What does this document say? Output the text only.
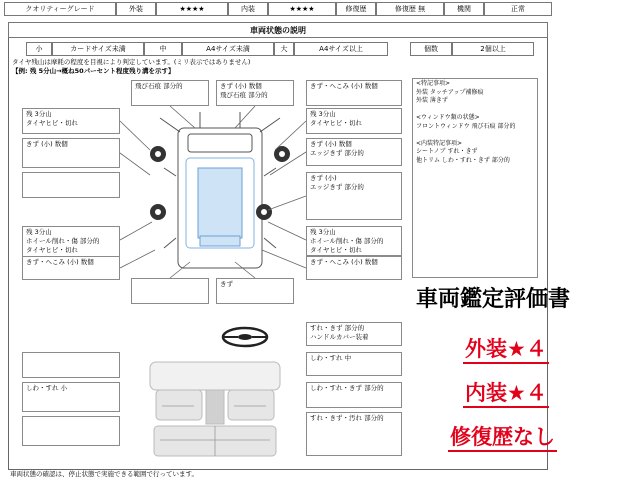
クオリティーグレード	外装	★★★★	内装	★★★★	修復歴	修復歴 無	機関	正常
車両状態の説明
小	カードサイズ未満	中	A4サイズ未満	大	A4サイズ以上	個数	2個以上
タイヤ残山は摩耗の程度を目視により判定しています。(ミリ表示ではありません)
【例: 残 5分山→概ね50パーセント程度残り溝を示す】
飛び石痕 部分的	きず (小) 数個
飛び石痕 部分的
きず・へこみ (小) 数個
残 3分山
タイヤヒビ・切れ
残 3分山
タイヤヒビ・切れ
きず (小) 数個	きず (小) 数個
エッジきず 部分的
きず (小)
エッジきず 部分的
残 3分山
ホイール削れ・傷 部分的
タイヤヒビ・切れ
残 3分山
ホイール削れ・傷 部分的
タイヤヒビ・切れ
きず・へこみ (小) 数個	きず・へこみ (小) 数個
きず
<特記事項>
外装 タッチアップ補修痕
外装 薄きず

<ウィンドウ類の状態>
フロントウィンドウ 飛び石痕 部分的

<内装特記事項>
シートノブ すれ・きず
他トリム しわ・すれ・きず 部分的
すれ・きず 部分的
ハンドルカバー装着
しわ・すれ 中
しわ・すれ 小	しわ・すれ・きず 部分的
すれ・きず・汚れ 部分的
車両状態の確認は、停止状態で実施できる範囲で行っています。
車両鑑定評価書
外装★４
内装★４
修復歴なし
